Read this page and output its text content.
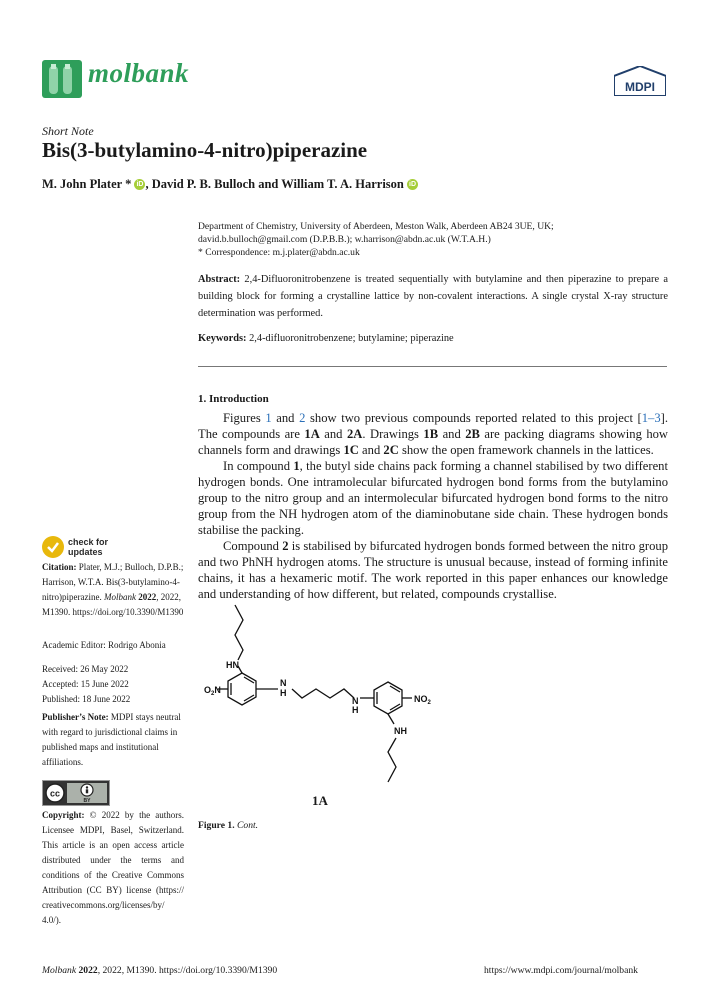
molbank	MDPI
Short Note
Bis(3-butylamino-4-nitro)piperazine
M. John Plater * iD , David P. B. Bulloch and William T. A. Harrison iD
Department of Chemistry, University of Aberdeen, Meston Walk, Aberdeen AB24 3UE, UK;
david.b.bulloch@gmail.com (D.P.B.B.); w.harrison@abdn.ac.uk (W.T.A.H.)
* Correspondence: m.j.plater@abdn.ac.uk
Abstract: 2,4-Difluoronitrobenzene is treated sequentially with butylamine and then piperazine to prepare a building block for forming a crystalline lattice by non-covalent interactions. A single crystal X-ray structure determination was performed.
Keywords: 2,4-difluoronitrobenzene; butylamine; piperazine
1. Introduction

Figures 1 and 2 show two previous compounds reported related to this project [1–3]. The compounds are 1A and 2A. Drawings 1B and 2B are packing diagrams showing how channels form and drawings 1C and 2C show the open framework channels in the lattices.

In compound 1, the butyl side chains pack forming a channel stabilised by two different hydrogen bonds. One intramolecular bifurcated hydrogen bond forms from the butylamino group to the nitro group and an intermolecular bifurcated hydrogen bond forms to the nitro group from the NH hydrogen atom of the diaminobutane side chain. These hydrogen bonds stabilise the packing.

Compound 2 is stabilised by bifurcated hydrogen bonds formed between the nitro group and two PhNH hydrogen atoms. The structure is unusual because, instead of forming infinite chains, it has a hexameric motif. The work reported in this paper enhances our knowledge and understanding of how different, but related, compounds crystallise.

check for
updates
Citation: Plater, M.J.; Bulloch, D.P.B.; Harrison, W.T.A. Bis(3-butylamino-4-nitro)piperazine. Molbank 2022, 2022, M1390. https://doi.org/10.3390/M1390
Academic Editor: Rodrigo Abonia
Received: 26 May 2022
Accepted: 15 June 2022
Published: 18 June 2022
Publisher’s Note: MDPI stays neutral with regard to jurisdictional claims in published maps and institutional affiliations.
cc
BY
Copyright: © 2022 by the authors. Licensee MDPI, Basel, Switzerland. This article is an open access article distributed under the terms and conditions of the Creative Commons Attribution (CC BY) license (https:// creativecommons.org/licenses/by/ 4.0/).
HN
$O_2N$
N
H
N
H
$NO_2$
NH
1A
Figure 1. Cont.
Molbank 2022, 2022, M1390. https://doi.org/10.3390/M1390	https://www.mdpi.com/journal/molbank
